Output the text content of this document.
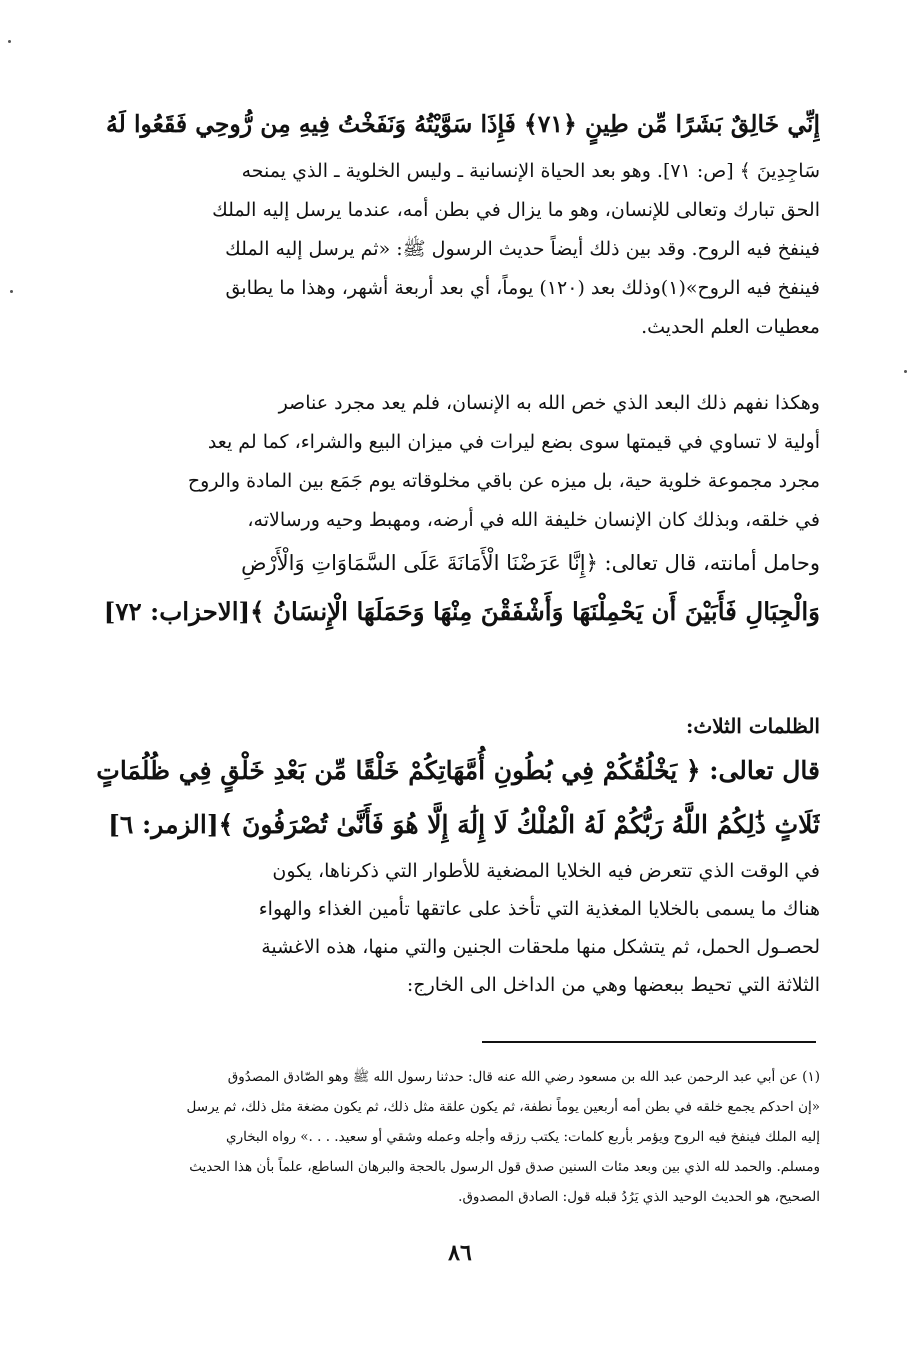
إِنِّي خَالِقٌ بَشَرًا مِّن طِينٍ ﴿٧١﴾ فَإِذَا سَوَّيْتُهُ وَنَفَخْتُ فِيهِ مِن رُّوحِي فَقَعُوا لَهُ
سَاجِدِينَ ﴾ [ص: ٧١]. وهو بعد الحياة الإنسانية ـ وليس الخلوية ـ الذي يمنحه
الحق تبارك وتعالى للإنسان، وهو ما يزال في بطن أمه، عندما يرسل إليه الملك
فينفخ فيه الروح. وقد بين ذلك أيضاً حديث الرسول ﷺ: «ثم يرسل إليه الملك
فينفخ فيه الروح»(١)وذلك بعد (١٢٠) يوماً، أي بعد أربعة أشهر، وهذا ما يطابق
معطيات العلم الحديث.
وهكذا نفهم ذلك البعد الذي خص الله به الإنسان، فلم يعد مجرد عناصر
أولية لا تساوي في قيمتها سوى بضع ليرات في ميزان البيع والشراء، كما لم يعد
مجرد مجموعة خلوية حية، بل ميزه عن باقي مخلوقاته يوم جَمَع بين المادة والروح
في خلقه، وبذلك كان الإنسان خليفة الله في أرضه، ومهبط وحيه ورسالاته،
وحامل أمانته، قال تعالى: ﴿إِنَّا عَرَضْنَا الْأَمَانَةَ عَلَى السَّمَاوَاتِ وَالْأَرْضِ
وَالْجِبَالِ فَأَبَيْنَ أَن يَحْمِلْنَهَا وَأَشْفَقْنَ مِنْهَا وَحَمَلَهَا الْإِنسَانُ ﴾[الاحزاب: ٧٢]
الظلمات الثلاث:
قال تعالى: ﴿ يَخْلُقُكُمْ فِي بُطُونِ أُمَّهَاتِكُمْ خَلْقًا مِّن بَعْدِ خَلْقٍ فِي ظُلُمَاتٍ
ثَلَاثٍ ذَٰلِكُمُ اللَّهُ رَبُّكُمْ لَهُ الْمُلْكُ لَا إِلَٰهَ إِلَّا هُوَ فَأَنَّىٰ تُصْرَفُونَ ﴾[الزمر: ٦]
في الوقت الذي تتعرض فيه الخلايا المضغية للأطوار التي ذكرناها، يكون
هناك ما يسمى بالخلايا المغذية التي تأخذ على عاتقها تأمين الغذاء والهواء
لحصـول الحمل، ثم يتشكل منها ملحقات الجنين والتي منها، هذه الاغشية
الثلاثة التي تحيط ببعضها وهي من الداخل الى الخارج:
(١) عن أبي عبد الرحمن عبد الله بن مسعود رضي الله عنه قال: حدثنا رسول الله ﷺ وهو الصّادق المصدُوق
«إن احدكم يجمع خلقه في بطن أمه أربعين يوماً نطفة، ثم يكون علقة مثل ذلك، ثم يكون مضغة مثل ذلك، ثم يرسل
إليه الملك فينفخ فيه الروح ويؤمر بأربع كلمات: يكتب رزقه وأجله وعمله وشقي أو سعيد. . . .» رواه البخاري
ومسلم. والحمد لله الذي بين وبعد مئات السنين صدق قول الرسول بالحجة والبرهان الساطع، علماً بأن هذا الحديث
الصحيح، هو الحديث الوحيد الذي يَرُدُ قبله قول: الصادق المصدوق.
٨٦
